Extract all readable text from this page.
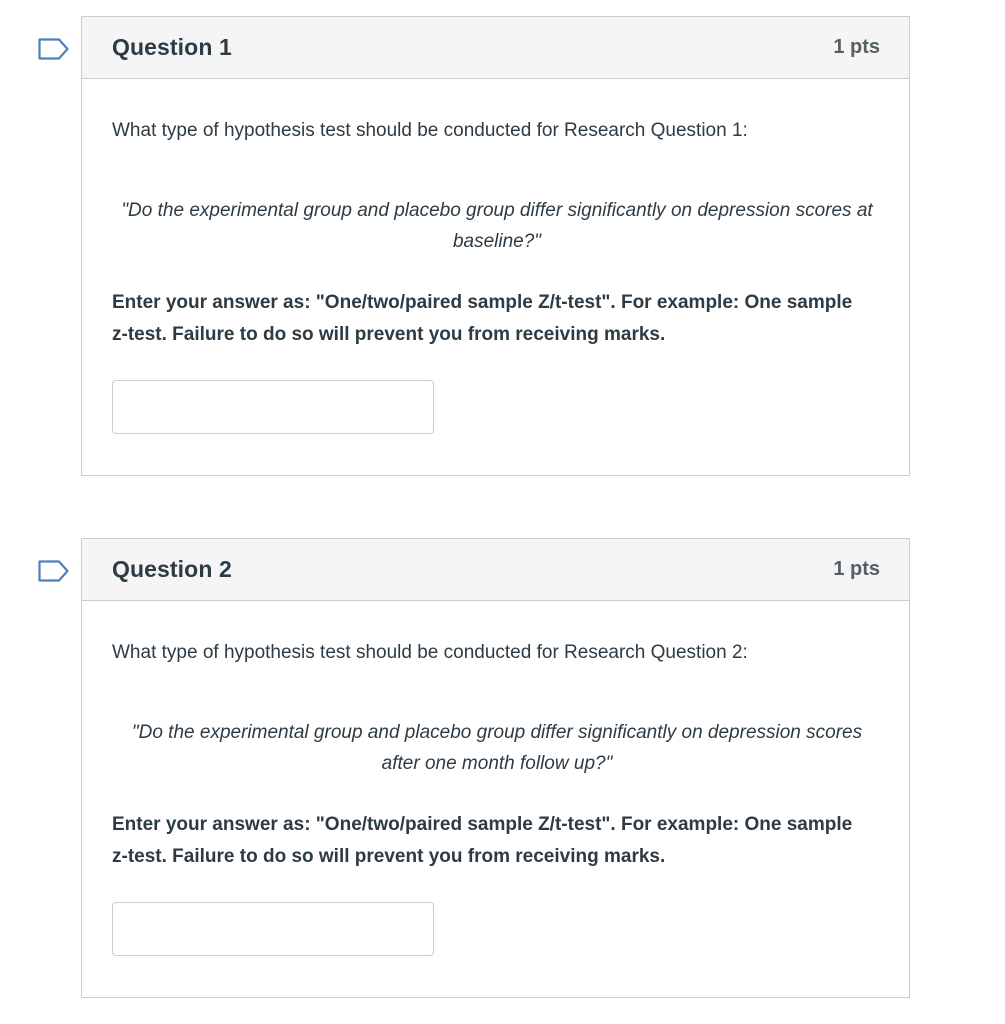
Question 1	1 pts
What type of hypothesis test should be conducted for Research Question 1:
"Do the experimental group and placebo group differ significantly on depression scores at baseline?"
Enter your answer as: "One/two/paired sample Z/t-test". For example: One sample z-test. Failure to do so will prevent you from receiving marks.
Question 2	1 pts
What type of hypothesis test should be conducted for Research Question 2:
"Do the experimental group and placebo group differ significantly on depression scores after one month follow up?"
Enter your answer as: "One/two/paired sample Z/t-test". For example: One sample z-test. Failure to do so will prevent you from receiving marks.
